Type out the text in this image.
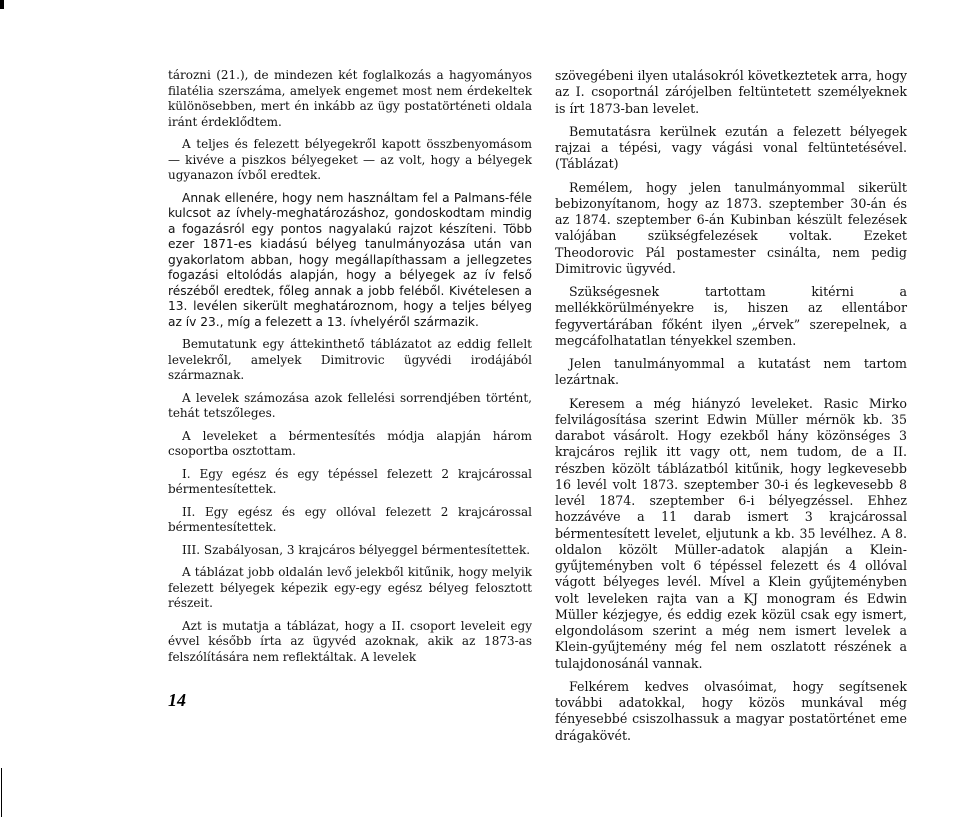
tározni (21.), de mindezen két foglalkozás a hagyományos filatélia szerszáma, amelyek engemet most nem érdekeltek különösebben, mert én inkább az ügy postatörténeti oldala iránt érdeklődtem.

A teljes és felezett bélyegekről kapott összbenyomásom — kivéve a piszkos bélyegeket — az volt, hogy a bélyegek ugyanazon ívből eredtek.

Annak ellenére, hogy nem használtam fel a Palmans-féle kulcsot az ívhely-meghatározáshoz, gondoskodtam mindig a fogazásról egy pontos nagyalakú rajzot készíteni. Több ezer 1871-es kiadású bélyeg tanulmányozása után van gyakorlatom abban, hogy megállapíthassam a jellegzetes fogazási eltolódás alapján, hogy a bélyegek az ív felső részéből eredtek, főleg annak a jobb feléből. Kivételesen a 13. levélen sikerült meghatároznom, hogy a teljes bélyeg az ív 23., míg a felezett a 13. ívhelyéről származik.

Bemutatunk egy áttekinthető táblázatot az eddig fellelt levelekről, amelyek Dimitrovic ügyvédi irodájából származnak.

A levelek számozása azok fellelési sorrendjében történt, tehát tetszőleges.

A leveleket a bérmentesítés módja alapján három csoportba osztottam.

I. Egy egész és egy tépéssel felezett 2 krajcárossal bérmentesítettek.

II. Egy egész és egy ollóval felezett 2 krajcárossal bérmentesítettek.

III. Szabályosan, 3 krajcáros bélyeggel bérmentesítettek.

A táblázat jobb oldalán levő jelekből kitűnik, hogy melyik felezett bélyegek képezik egy-egy egész bélyeg felosztott részeit.

Azt is mutatja a táblázat, hogy a II. csoport leveleit egy évvel később írta az ügyvéd azoknak, akik az 1873-as felszólítására nem reflektáltak. A levelek

szövegébeni ilyen utalásokról következtetek arra, hogy az I. csoportnál zárójelben feltüntetett személyeknek is írt 1873-ban levelet.

Bemutatásra kerülnek ezután a felezett bélyegek rajzai a tépési, vagy vágási vonal feltüntetésével. (Táblázat)

Remélem, hogy jelen tanulmányommal sikerült bebizonyítanom, hogy az 1873. szeptember 30-án és az 1874. szeptember 6-án Kubinban készült felezések valójában szükségfelezések voltak. Ezeket Theodorovic Pál postamester csinálta, nem pedig Dimitrovic ügyvéd.

Szükségesnek tartottam kitérni a mellékkörülményekre is, hiszen az ellentábor fegyvertárában főként ilyen „érvek” szerepelnek, a megcáfolhatatlan tényekkel szemben.

Jelen tanulmányommal a kutatást nem tartom lezártnak.

Keresem a még hiányzó leveleket. Rasic Mirko felvilágosítása szerint Edwin Müller mérnök kb. 35 darabot vásárolt. Hogy ezekből hány közönséges 3 krajcáros rejlik itt vagy ott, nem tudom, de a II. részben közölt táblázatból kitűnik, hogy legkevesebb 16 levél volt 1873. szeptember 30-i és legkevesebb 8 levél 1874. szeptember 6-i bélyegzéssel. Ehhez hozzávéve a 11 darab ismert 3 krajcárossal bérmentesített levelet, eljutunk a kb. 35 levélhez. A 8. oldalon közölt Müller-adatok alapján a Klein-gyűjteményben volt 6 tépéssel felezett és 4 ollóval vágott bélyeges levél. Mível a Klein gyűjteményben volt leveleken rajta van a KJ monogram és Edwin Müller kézjegye, és eddig ezek közül csak egy ismert, elgondolásom szerint a még nem ismert levelek a Klein-gyűjtemény még fel nem oszlatott részének a tulajdonosánál vannak.

Felkérem kedves olvasóimat, hogy segítsenek további adatokkal, hogy közös munkával még fényesebbé csiszolhassuk a magyar postatörténet eme drágakövét.

14
